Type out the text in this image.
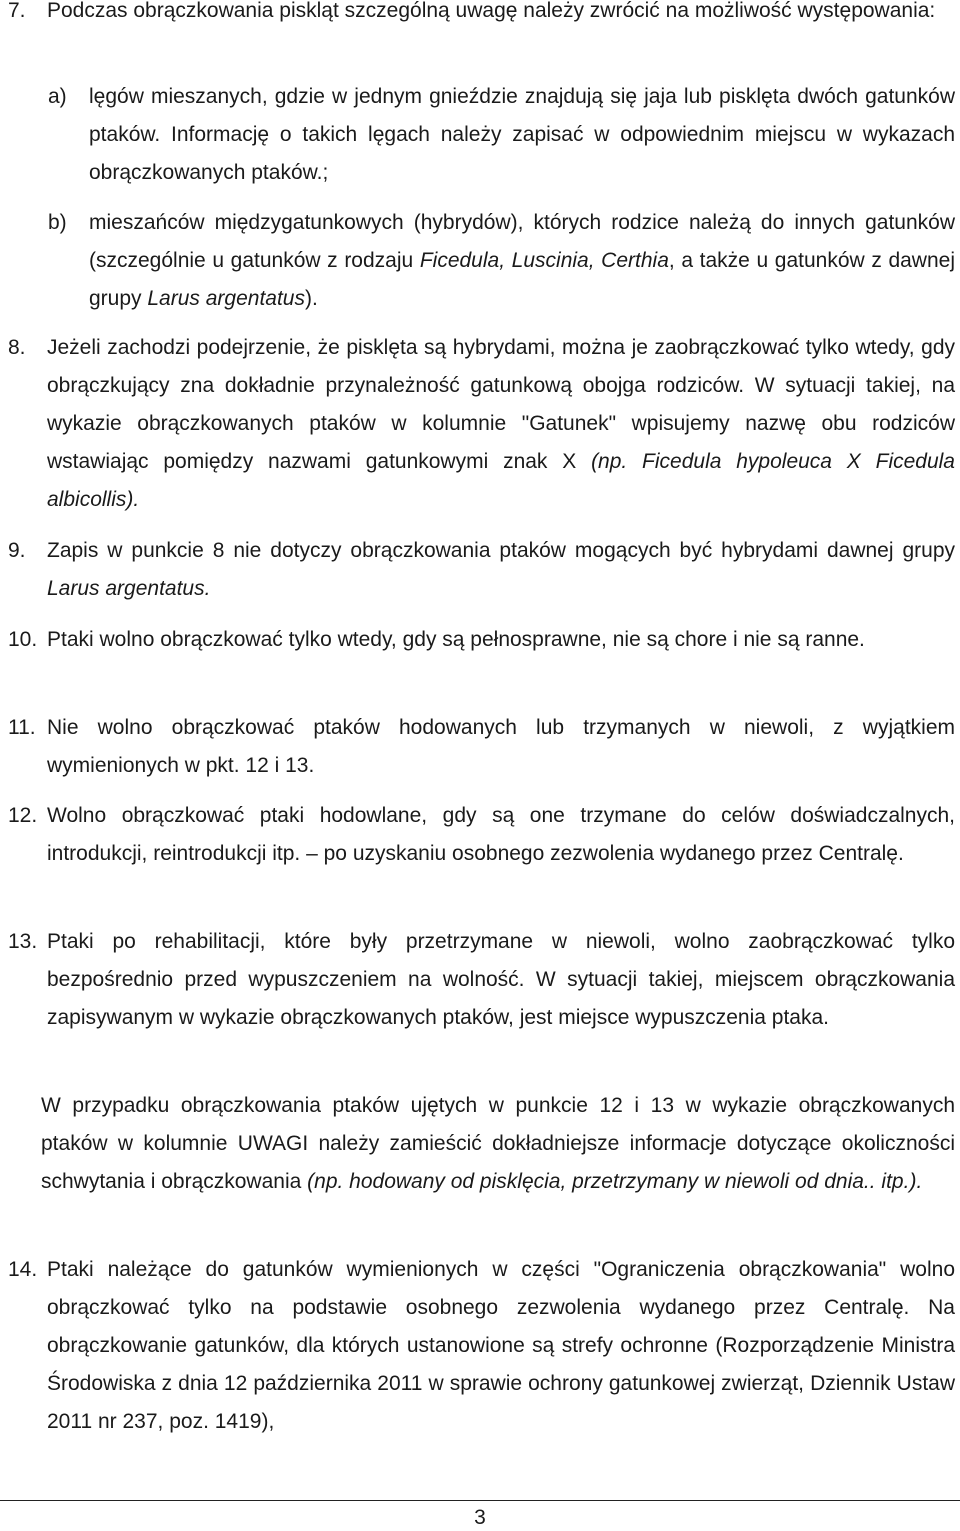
7. Podczas obrączkowania piskląt szczególną uwagę należy zwrócić na możliwość występowania:
a) lęgów mieszanych, gdzie w jednym gnieździe znajdują się jaja lub pisklęta dwóch gatunków ptaków. Informację o takich lęgach należy zapisać w odpowiednim miejscu w wykazach obrączkowanych ptaków.;
b) mieszańców międzygatunkowych (hybrydów), których rodzice należą do innych gatunków (szczególnie u gatunków z rodzaju Ficedula, Luscinia, Certhia, a także u gatunków z dawnej grupy Larus argentatus).
8. Jeżeli zachodzi podejrzenie, że pisklęta są hybrydami, można je zaobrączkować tylko wtedy, gdy obrączkujący zna dokładnie przynależność gatunkową obojga rodziców. W sytuacji takiej, na wykazie obrączkowanych ptaków w kolumnie "Gatunek" wpisujemy nazwę obu rodziców wstawiając pomiędzy nazwami gatunkowymi znak X (np. Ficedula hypoleuca X Ficedula albicollis).
9. Zapis w punkcie 8 nie dotyczy obrączkowania ptaków mogących być hybrydami dawnej grupy Larus argentatus.
10. Ptaki wolno obrączkować tylko wtedy, gdy są pełnosprawne, nie są chore i nie są ranne.
11. Nie wolno obrączkować ptaków hodowanych lub trzymanych w niewoli, z wyjątkiem wymienionych w pkt. 12 i 13.
12. Wolno obrączkować ptaki hodowlane, gdy są one trzymane do celów doświadczalnych, introdukcji, reintrodukcji itp. – po uzyskaniu osobnego zezwolenia wydanego przez Centralę.
13. Ptaki po rehabilitacji, które były przetrzymane w niewoli, wolno zaobrączkować tylko bezpośrednio przed wypuszczeniem na wolność. W sytuacji takiej, miejscem obrączkowania zapisywanym w wykazie obrączkowanych ptaków, jest miejsce wypuszczenia ptaka.
W przypadku obrączkowania ptaków ujętych w punkcie 12 i 13 w wykazie obrączkowanych ptaków w kolumnie UWAGI należy zamieścić dokładniejsze informacje dotyczące okoliczności schwytania i obrączkowania (np. hodowany od pisklęcia, przetrzymany w niewoli od dnia.. itp.).
14. Ptaki należące do gatunków wymienionych w części "Ograniczenia obrączkowania" wolno obrączkować tylko na podstawie osobnego zezwolenia wydanego przez Centralę. Na obrączkowanie gatunków, dla których ustanowione są strefy ochronne (Rozporządzenie Ministra Środowiska z dnia 12 października 2011 w sprawie ochrony gatunkowej zwierząt, Dziennik Ustaw 2011 nr 237, poz. 1419),
3
